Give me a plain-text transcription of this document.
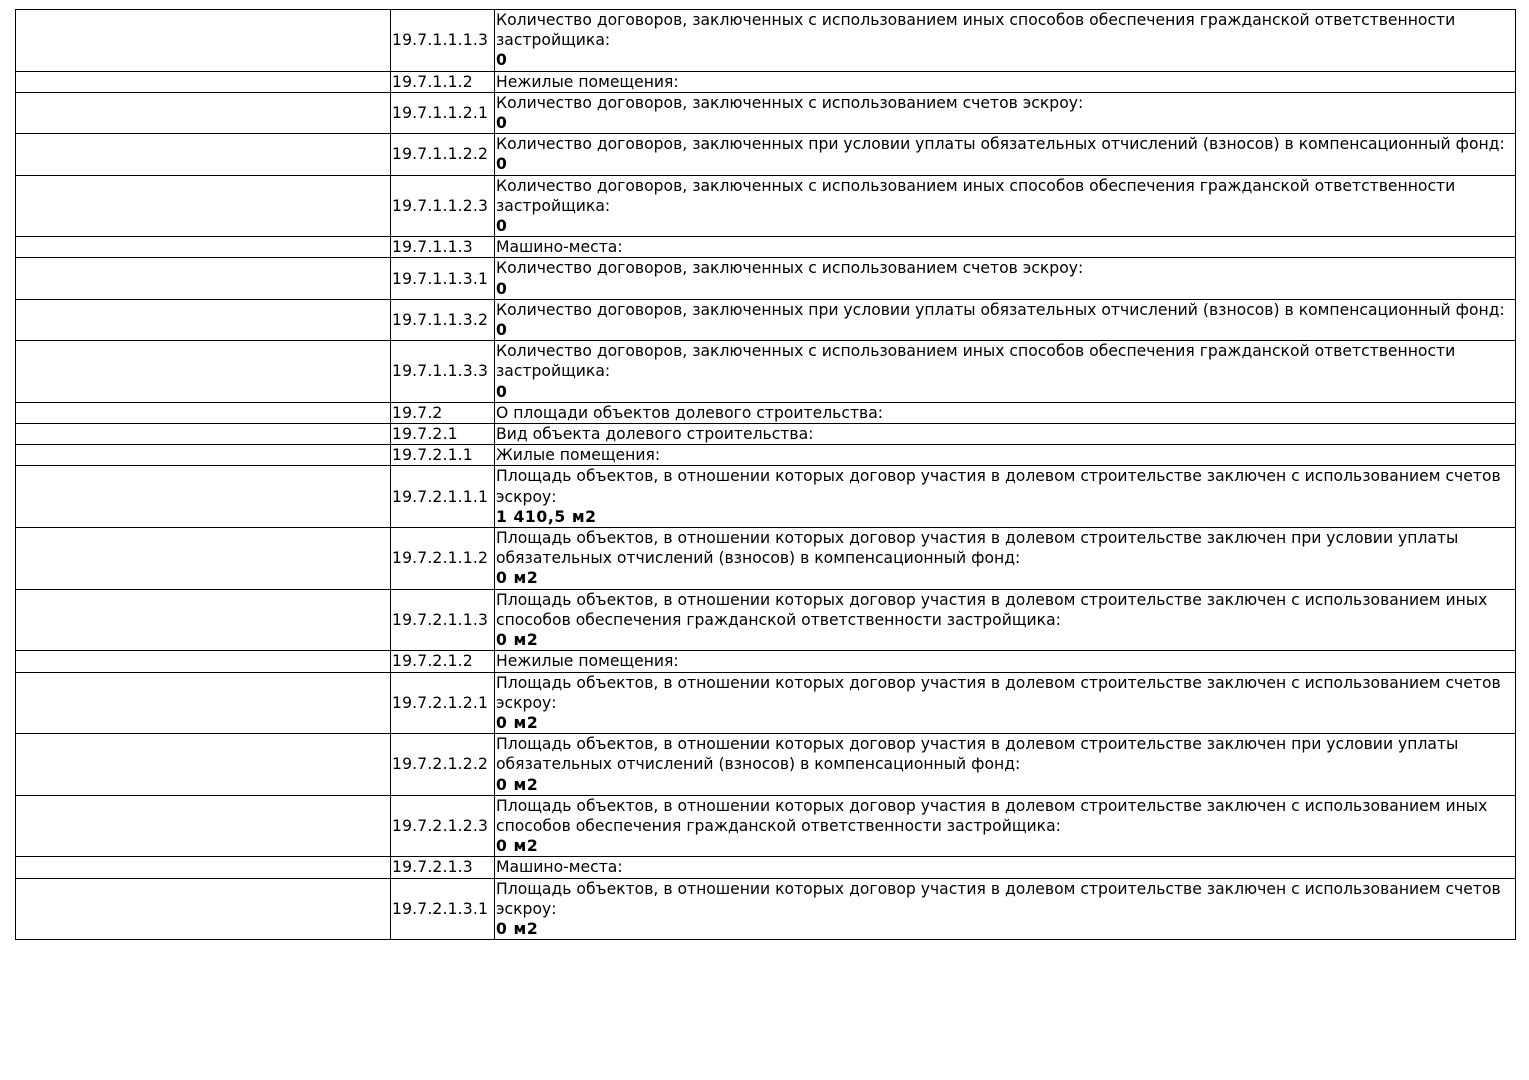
	19.7.1.1.1.3	Количество договоров, заключенных с использованием иных способов обеспечения гражданской ответственности застройщика:
0

	19.7.1.1.2	Нежилые помещения:

	19.7.1.1.2.1	Количество договоров, заключенных с использованием счетов эскроу:
0

	19.7.1.1.2.2	Количество договоров, заключенных при условии уплаты обязательных отчислений (взносов) в компенсационный фонд:
0

	19.7.1.1.2.3	Количество договоров, заключенных с использованием иных способов обеспечения гражданской ответственности застройщика:
0

	19.7.1.1.3	Машино-места:

	19.7.1.1.3.1	Количество договоров, заключенных с использованием счетов эскроу:
0

	19.7.1.1.3.2	Количество договоров, заключенных при условии уплаты обязательных отчислений (взносов) в компенсационный фонд:
0

	19.7.1.1.3.3	Количество договоров, заключенных с использованием иных способов обеспечения гражданской ответственности застройщика:
0

	19.7.2	О площади объектов долевого строительства:

	19.7.2.1	Вид объекта долевого строительства:

	19.7.2.1.1	Жилые помещения:

	19.7.2.1.1.1	Площадь объектов, в отношении которых договор участия в долевом строительстве заключен с использованием счетов эскроу:
1 410,5 м2

	19.7.2.1.1.2	Площадь объектов, в отношении которых договор участия в долевом строительстве заключен при условии уплаты обязательных отчислений (взносов) в компенсационный фонд:
0 м2

	19.7.2.1.1.3	Площадь объектов, в отношении которых договор участия в долевом строительстве заключен с использованием иных способов обеспечения гражданской ответственности застройщика:
0 м2

	19.7.2.1.2	Нежилые помещения:

	19.7.2.1.2.1	Площадь объектов, в отношении которых договор участия в долевом строительстве заключен с использованием счетов эскроу:
0 м2

	19.7.2.1.2.2	Площадь объектов, в отношении которых договор участия в долевом строительстве заключен при условии уплаты обязательных отчислений (взносов) в компенсационный фонд:
0 м2

	19.7.2.1.2.3	Площадь объектов, в отношении которых договор участия в долевом строительстве заключен с использованием иных способов обеспечения гражданской ответственности застройщика:
0 м2

	19.7.2.1.3	Машино-места:

	19.7.2.1.3.1	Площадь объектов, в отношении которых договор участия в долевом строительстве заключен с использованием счетов эскроу:
0 м2
